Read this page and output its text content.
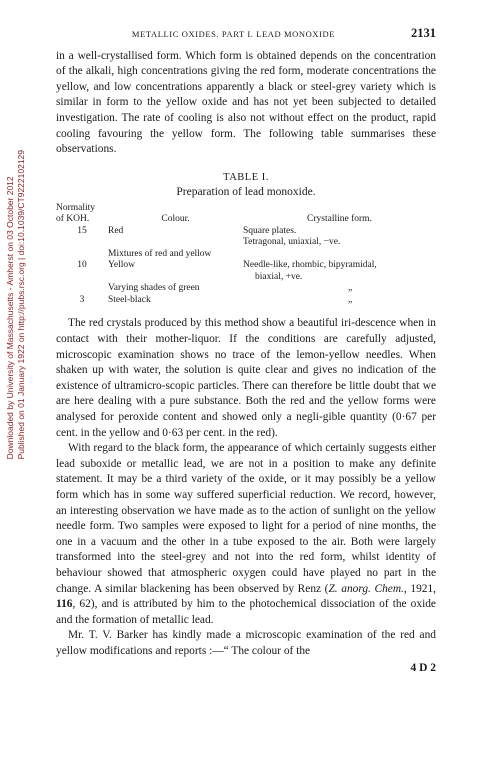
Downloaded by University of Massachusetts - Amherst on 03 October 2012 Published on 01 January 1922 on http://pubs.rsc.org | doi:10.1039/CT9222102129
METALLIC OXIDES. PART I. LEAD MONOXIDE	2131

in a well-crystallised form. Which form is obtained depends on the concentration of the alkali, high concentrations giving the red form, moderate concentrations the yellow, and low concentrations apparently a black or steel-grey variety which is similar in form to the yellow oxide and has not yet been subjected to detailed investigation. The rate of cooling is also not without effect on the product, rapid cooling favouring the yellow form. The following table summarises these observations.

TABLE I.
Preparation of lead monoxide.
Normality
of KOH.	Colour.	Crystalline form.
15	Red	Square plates.
		Tetragonal, uniaxial, −ve.
	Mixtures of red and yellow	
10	Yellow	Needle-like, rhombic, bipyramidal,
		biaxial, +ve.
	Varying shades of green	„
3	Steel-black	„

The red crystals produced by this method show a beautiful iri-descence when in contact with their mother-liquor. If the conditions are carefully adjusted, microscopic examination shows no trace of the lemon-yellow needles. When shaken up with water, the solution is quite clear and gives no indication of the existence of ultramicro-scopic particles. There can therefore be little doubt that we are here dealing with a pure substance. Both the red and the yellow forms were analysed for peroxide content and showed only a negli-gible quantity (0·67 per cent. in the yellow and 0·63 per cent. in the red).

With regard to the black form, the appearance of which certainly suggests either lead suboxide or metallic lead, we are not in a position to make any definite statement. It may be a third variety of the oxide, or it may possibly be a yellow form which has in some way suffered superficial reduction. We record, however, an interesting observation we have made as to the action of sunlight on the yellow needle form. Two samples were exposed to light for a period of nine months, the one in a vacuum and the other in a tube exposed to the air. Both were largely transformed into the steel-grey and not into the red form, whilst identity of behaviour showed that atmospheric oxygen could have played no part in the change. A similar blackening has been observed by Renz (Z. anorg. Chem., 1921, 116, 62), and is attributed by him to the photochemical dissociation of the oxide and the formation of metallic lead.

Mr. T. V. Barker has kindly made a microscopic examination of the red and yellow modifications and reports :—“ The colour of the

4 D 2
